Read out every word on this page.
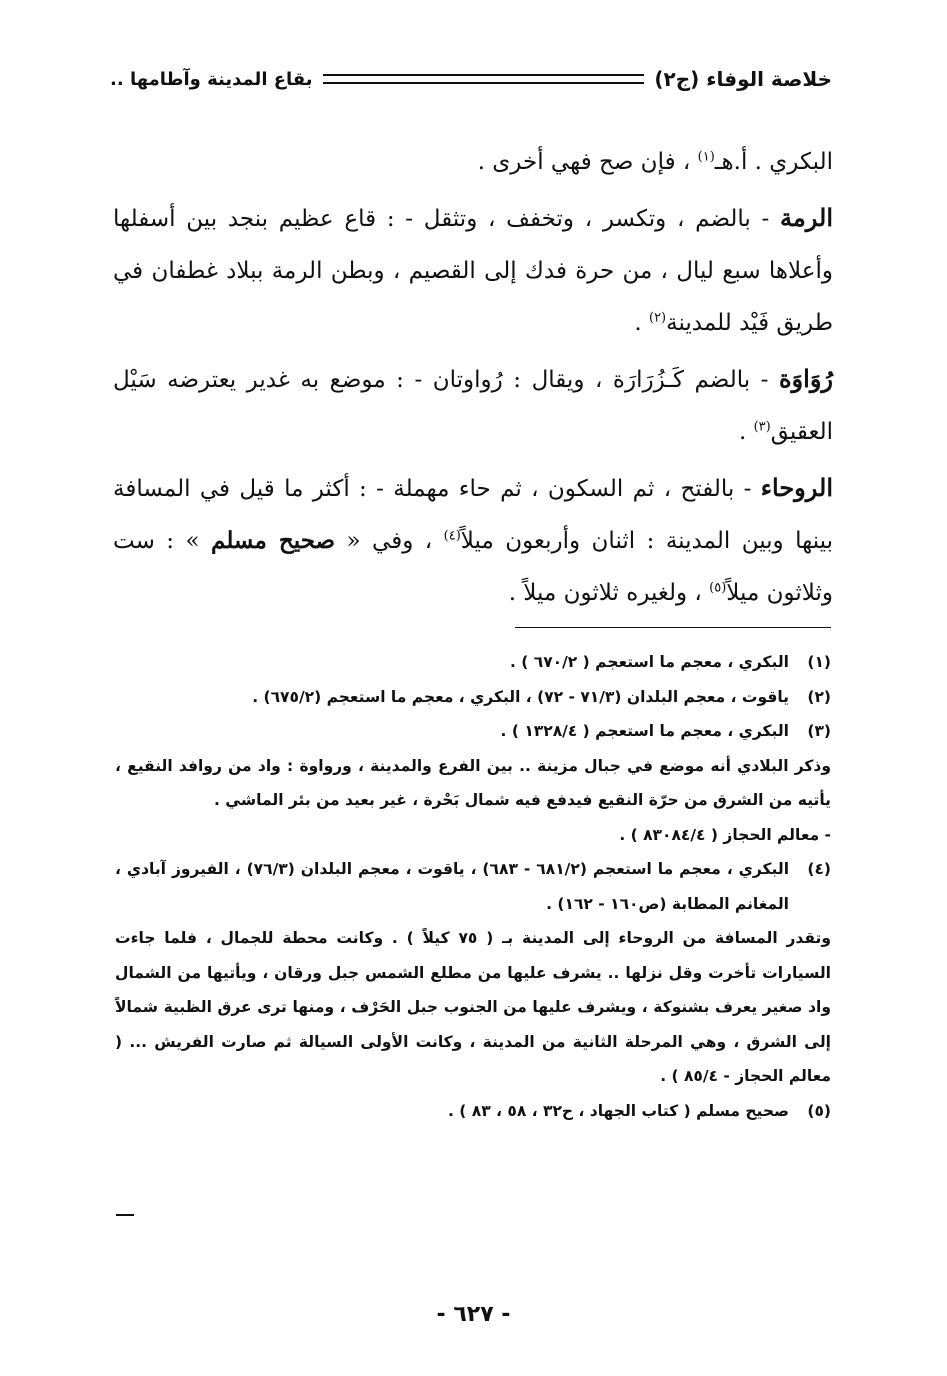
خلاصة الوفاء (ج٢)
بقاع المدينة وآطامها ..

البكري . أ.هـ$^{(١)}$ ، فإن صح فهي أخرى .

الرمة - بالضم ، وتكسر ، وتخفف ، وتثقل - : قاع عظيم بنجد بين أسفلها وأعلاها سبع ليال ، من حرة فدك إلى القصيم ، وبطن الرمة ببلاد غطفان في طريق فَيْد للمدينة$^{(٢)}$ .

رُوَاوَة - بالضم كَـزُرَارَة ، ويقال : رُواوتان - : موضع به غدير يعترضه سَيْل العقيق$^{(٣)}$ .

الروحاء - بالفتح ، ثم السكون ، ثم حاء مهملة - : أكثر ما قيل في المسافة بينها وبين المدينة : اثنان وأربعون ميلاً$^{(٤)}$ ، وفي « صحيح مسلم » : ست وثلاثون ميلاً$^{(٥)}$ ، ولغيره ثلاثون ميلاً .

(١)
البكري ، معجم ما استعجم ( ٦٧٠/٢ ) .
(٢)
ياقوت ، معجم البلدان (٧١/٣ - ٧٢) ، البكري ، معجم ما استعجم (٦٧٥/٢) .
(٣)
البكري ، معجم ما استعجم ( ١٣٢٨/٤ ) .

وذكر البلادي أنه موضع في جبال مزينة .. بين الفرع والمدينة ، ورواوة : واد من روافد النقيع ، يأتيه من الشرق من حرّة النقيع فيدفع فيه شمال بَحْرة ، غير بعيد من بئر الماشي .

- معالم الحجاز ( ٨٣٠٨٤/٤ ) .

(٤)
البكري ، معجم ما استعجم (٦٨١/٢ - ٦٨٣) ، ياقوت ، معجم البلدان (٧٦/٣) ، الفيروز آبادي ، المغانم المطابة (ص١٦٠ - ١٦٢) .

وتقدر المسافة من الروحاء إلى المدينة بـ ( ٧٥ كيلاً ) . وكانت محطة للجمال ، فلما جاءت السيارات تأخرت وقل نزلها .. يشرف عليها من مطلع الشمس جبل ورقان ، ويأتيها من الشمال واد صغير يعرف بشنوكة ، ويشرف عليها من الجنوب جبل الحَرْف ، ومنها ترى عرق الظبية شمالاً إلى الشرق ، وهي المرحلة الثانية من المدينة ، وكانت الأولى السيالة ثم صارت الفريش ... ( معالم الحجاز - ٨٥/٤ ) .

(٥)
صحيح مسلم ( كتاب الجهاد ، ح٣٢ ، ٥٨ ، ٨٣ ) .
- ٦٢٧ -
